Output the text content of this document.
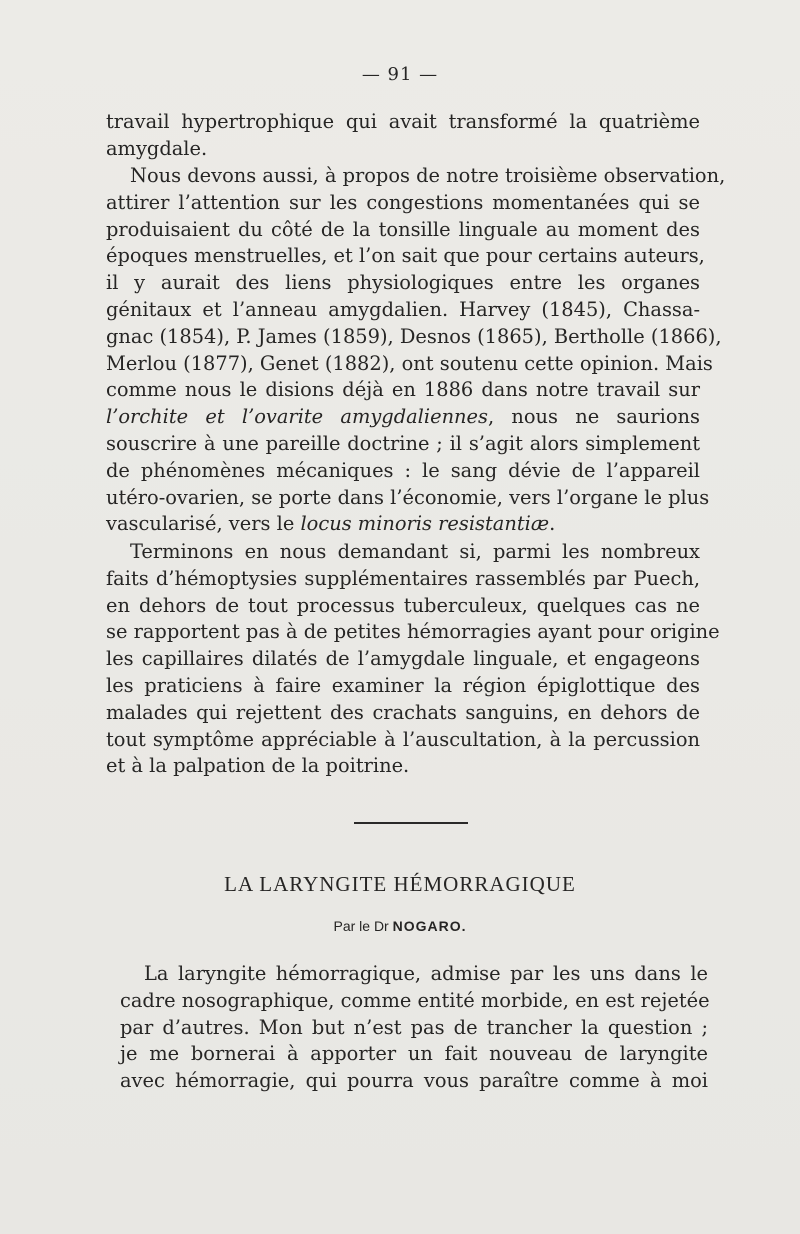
— 91 —
travail hypertrophique qui avait transformé la quatrième
amygdale.
Nous devons aussi, à propos de notre troisième observation,
attirer l’attention sur les congestions momentanées qui se
produisaient du côté de la tonsille linguale au moment des
époques menstruelles, et l’on sait que pour certains auteurs,
il y aurait des liens physiologiques entre les organes
génitaux et l’anneau amygdalien. Harvey (1845), Chassa-
gnac (1854), P. James (1859), Desnos (1865), Bertholle (1866),
Merlou (1877), Genet (1882), ont soutenu cette opinion. Mais
comme nous le disions déjà en 1886 dans notre travail sur
l’orchite et l’ovarite amygdaliennes, nous ne saurions
souscrire à une pareille doctrine ; il s’agit alors simplement
de phénomènes mécaniques : le sang dévie de l’appareil
utéro-ovarien, se porte dans l’économie, vers l’organe le plus
vascularisé, vers le locus minoris resistantiæ.
Terminons en nous demandant si, parmi les nombreux
faits d’hémoptysies supplémentaires rassemblés par Puech,
en dehors de tout processus tuberculeux, quelques cas ne
se rapportent pas à de petites hémorragies ayant pour origine
les capillaires dilatés de l’amygdale linguale, et engageons
les praticiens à faire examiner la région épiglottique des
malades qui rejettent des crachats sanguins, en dehors de
tout symptôme appréciable à l’auscultation, à la percussion
et à la palpation de la poitrine.
LA LARYNGITE HÉMORRAGIQUE
Par le Dr NOGARO.
La laryngite hémorragique, admise par les uns dans le
cadre nosographique, comme entité morbide, en est rejetée
par d’autres. Mon but n’est pas de trancher la question ;
je me bornerai à apporter un fait nouveau de laryngite
avec hémorragie, qui pourra vous paraître comme à moi
